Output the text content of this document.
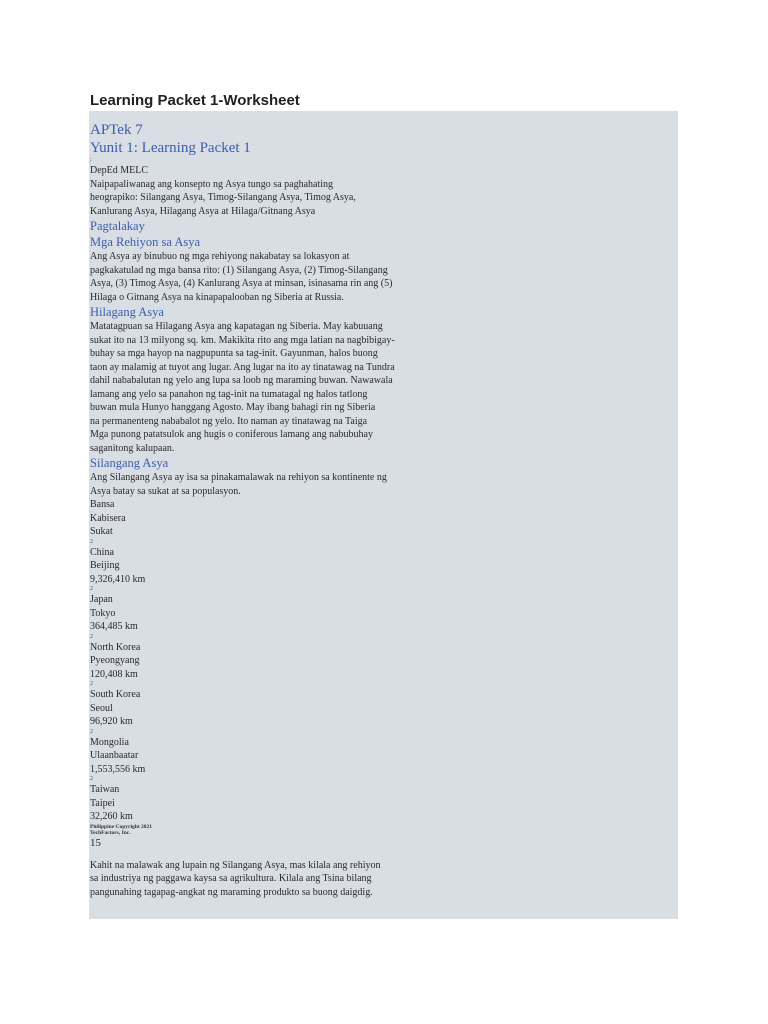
Learning Packet 1-Worksheet
APTek 7
Yunit 1: Learning Packet 1
;
DepEd MELC
Naipapaliwanag ang konsepto ng Asya tungo sa paghahating
heograpiko: Silangang Asya, Timog-Silangang Asya, Timog Asya,
Kanlurang Asya, Hilagang Asya at Hilaga/Gitnang Asya
Pagtalakay
Mga Rehiyon sa Asya
Ang Asya ay binubuo ng mga rehiyong nakabatay sa lokasyon at
pagkakatulad ng mga bansa rito: (1) Silangang Asya, (2) Timog-Silangang
Asya, (3) Timog Asya, (4) Kanlurang Asya at minsan, isinasama rin ang (5)
Hilaga o Gitnang Asya na kinapapalooban ng Siberia at Russia.
Hilagang Asya
Matatagpuan sa Hilagang Asya ang kapatagan ng Siberia. May kabuuang
sukat ito na 13 milyong sq. km. Makikita rito ang mga latian na nagbibigay-
buhay sa mga hayop na nagpupunta sa tag-init. Gayunman, halos buong
taon ay malamig at tuyot ang lugar. Ang lugar na ito ay tinatawag na Tundra
dahil nababalutan ng yelo ang lupa sa loob ng maraming buwan. Nawawala
lamang ang yelo sa panahon ng tag-init na tumatagal ng halos tatlong
buwan mula Hunyo hanggang Agosto. May ibang bahagi rin ng Siberia
na permanenteng nababalot ng yelo. Ito naman ay tinatawag na Taiga
Mga punong patatsulok ang hugis o coniferous lamang ang nabubuhay
saganitong kalupaan.
Silangang Asya
Ang Silangang Asya ay isa sa pinakamalawak na rehiyon sa kontinente ng
Asya batay sa sukat at sa populasyon.
Bansa
Kabisera
Sukat
2
China
Beijing
9,326,410 km
2
Japan
Tokyo
364,485 km
2
North Korea
Pyeongyang
120,408 km
2
South Korea
Seoul
96,920 km
2
Mongolia
Ulaanbaatar
1,553,556 km
2
Taiwan
Taipei
32,260 km
Philippine Copyright 2021
TechFactors, Inc.
15
Kahit na malawak ang lupain ng Silangang Asya, mas kilala ang rehiyon
sa industriya ng paggawa kaysa sa agrikultura. Kilala ang Tsina bilang
pangunahing tagapag-angkat ng maraming produkto sa buong daigdig.
